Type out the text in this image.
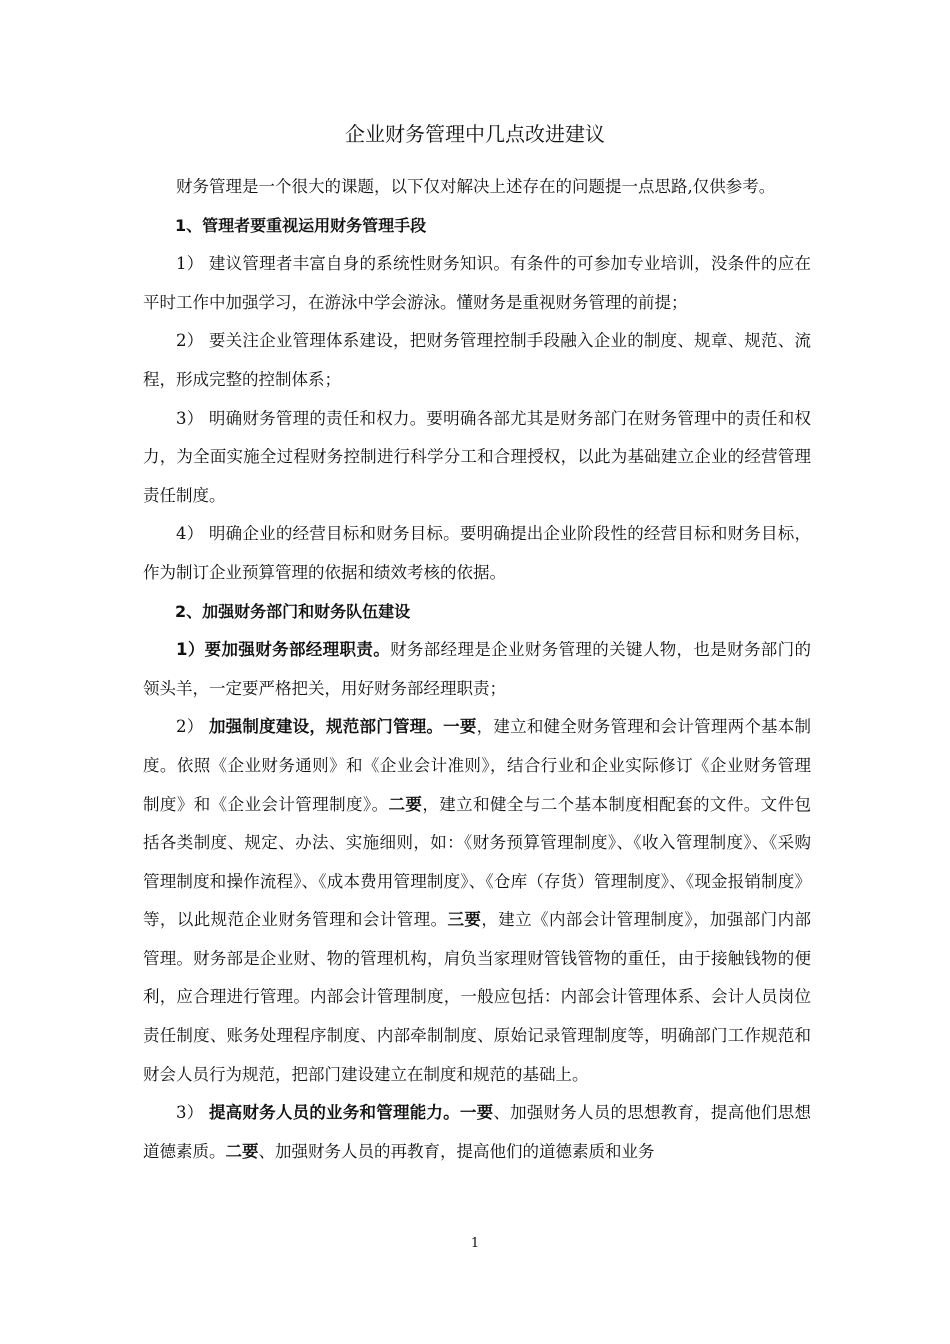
企业财务管理中几点改进建议

财务管理是一个很大的课题，以下仅对解决上述存在的问题提一点思路,仅供参考。

1、管理者要重视运用财务管理手段

1） 建议管理者丰富自身的系统性财务知识。有条件的可参加专业培训，没条件的应在平时工作中加强学习，在游泳中学会游泳。懂财务是重视财务管理的前提；

2） 要关注企业管理体系建设，把财务管理控制手段融入企业的制度、规章、规范、流程，形成完整的控制体系；

3） 明确财务管理的责任和权力。要明确各部尤其是财务部门在财务管理中的责任和权力，为全面实施全过程财务控制进行科学分工和合理授权，以此为基础建立企业的经营管理责任制度。

4） 明确企业的经营目标和财务目标。要明确提出企业阶段性的经营目标和财务目标，作为制订企业预算管理的依据和绩效考核的依据。

2、加强财务部门和财务队伍建设

1）要加强财务部经理职责。财务部经理是企业财务管理的关键人物，也是财务部门的领头羊，一定要严格把关，用好财务部经理职责；

2） 加强制度建设，规范部门管理。一要，建立和健全财务管理和会计管理两个基本制度。依照《企业财务通则》和《企业会计准则》，结合行业和企业实际修订《企业财务管理制度》和《企业会计管理制度》。二要，建立和健全与二个基本制度相配套的文件。文件包括各类制度、规定、办法、实施细则，如：《财务预算管理制度》、《收入管理制度》、《采购管理制度和操作流程》、《成本费用管理制度》、《仓库（存货）管理制度》、《现金报销制度》等，以此规范企业财务管理和会计管理。三要，建立《内部会计管理制度》，加强部门内部管理。财务部是企业财、物的管理机构，肩负当家理财管钱管物的重任，由于接触钱物的便利，应合理进行管理。内部会计管理制度，一般应包括：内部会计管理体系、会计人员岗位责任制度、账务处理程序制度、内部牵制制度、原始记录管理制度等，明确部门工作规范和财会人员行为规范，把部门建设建立在制度和规范的基础上。

3） 提高财务人员的业务和管理能力。一要、加强财务人员的思想教育，提高他们思想道德素质。二要、加强财务人员的再教育，提高他们的道德素质和业务

1
